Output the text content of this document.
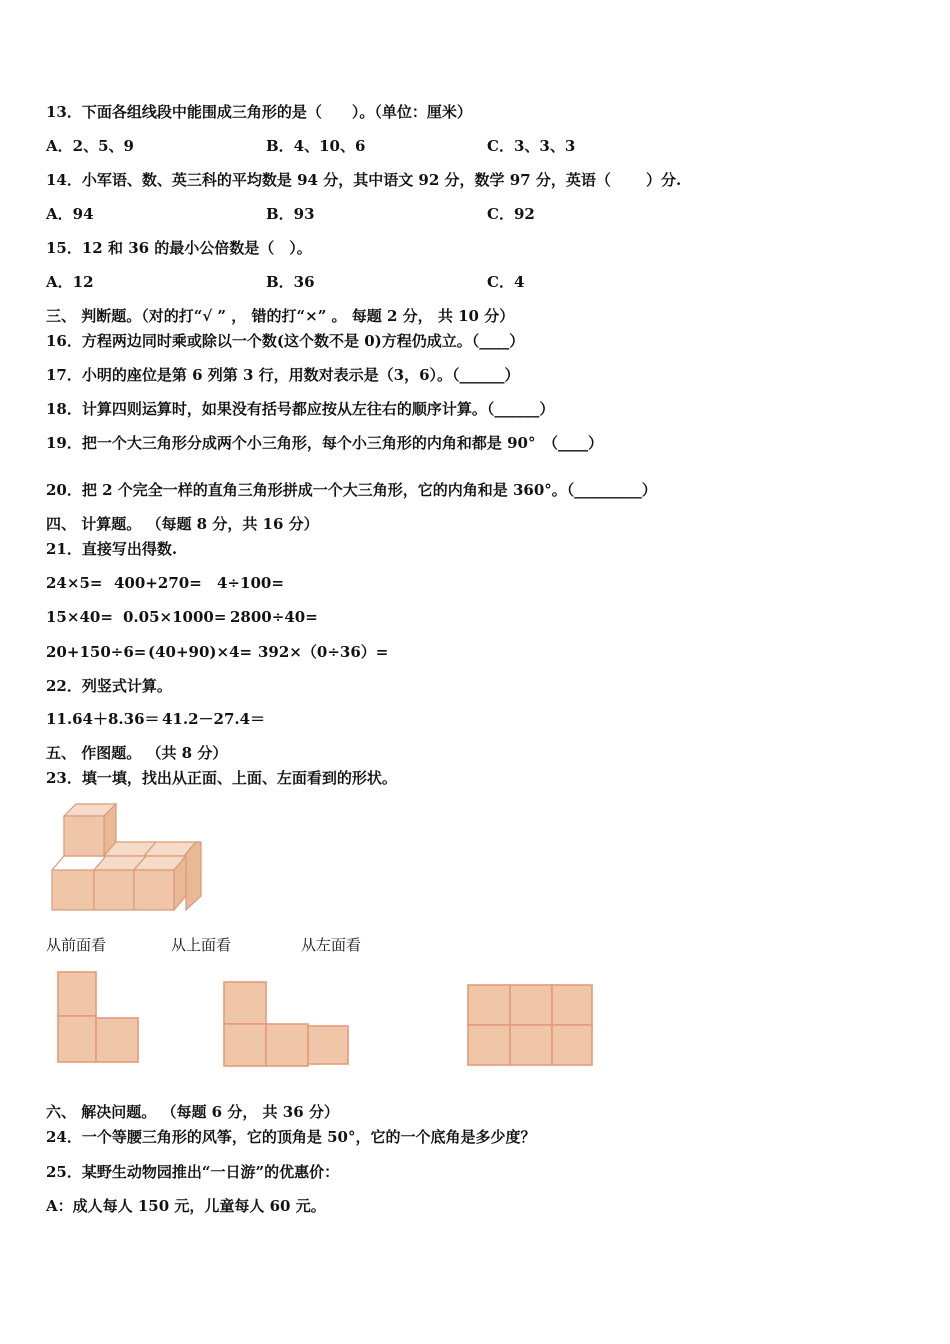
13．下面各组线段中能围成三角形的是（　　）。（单位：厘米）
A．2、5、9	B．4、10、6	C．3、3、3
14．小军语、数、英三科的平均数是 94 分，其中语文 92 分，数学 97 分，英语（　　 ）分.
A．94	B．93	C．92
15．12 和 36 的最小公倍数是（　）。
A．12	B．36	C．4
三、 判断题。（对的打“√ ” ， 错的打“×” 。 每题 2 分， 共 10 分）
16．方程两边同时乘或除以一个数(这个数不是 0)方程仍成立。（____）
17．小明的座位是第 6 列第 3 行，用数对表示是（3，6）。（______）
18．计算四则运算时，如果没有括号都应按从左往右的顺序计算。（______）
19．把一个大三角形分成两个小三角形，每个小三角形的内角和都是 90°　（____）
20．把 2 个完全一样的直角三角形拼成一个大三角形，它的内角和是 360°。（_________）
四、 计算题。 （每题 8 分，共 16 分）
21．直接写出得数.
24×5= 400+270= 4÷100=
15×40= 0.05×1000= 2800÷40=
20+150÷6= (40+90)×4= 392×（0÷36）=
22．列竖式计算。
11.64＋8.36＝ 41.2－27.4＝
五、 作图题。 （共 8 分）
23．填一填，找出从正面、上面、左面看到的形状。
从前面看	从上面看	从左面看
六、 解决问题。 （每题 6 分， 共 36 分）
24．一个等腰三角形的风筝，它的顶角是 50°，它的一个底角是多少度？
25．某野生动物园推出“一日游”的优惠价：
A：成人每人 150 元，儿童每人 60 元。
